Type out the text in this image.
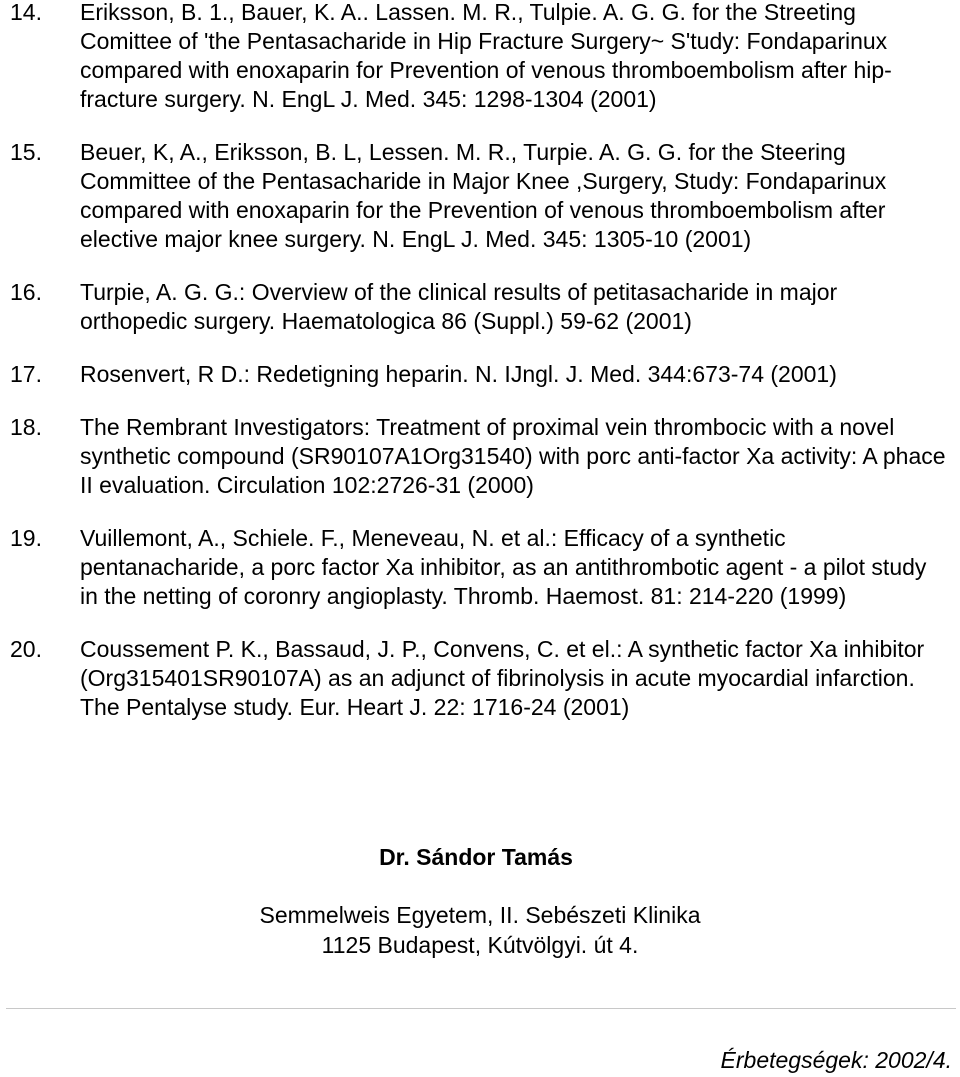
14.	Eriksson, B. 1., Bauer, K. A.. Lassen. M. R., Tulpie. A. G. G. for the Streeting Comittee of 'the Pentasacharide in Hip Fracture Surgery~ S'tudy: Fondaparinux compared with enoxaparin for Prevention of venous thromboembolism after hip-fracture surgery. N. EngL J. Med. 345: 1298-1304 (2001)
15.	Beuer, K, A., Eriksson, B. L, Lessen. M. R., Turpie. A. G. G. for the Steering Committee of the Pentasacharide in Major Knee ,Surgery, Study: Fondaparinux compared with enoxaparin for the Prevention of venous thromboembolism after elective major knee surgery. N. EngL J. Med. 345: 1305-10 (2001)
16.	Turpie, A. G. G.: Overview of the clinical results of petitasacharide in major orthopedic surgery. Haematologica 86 (Suppl.) 59-62 (2001)
17.	Rosenvert, R D.: Redetigning heparin. N. IJngl. J. Med. 344:673-74 (2001)
18.	The Rembrant Investigators: Treatment of proximal vein thrombocic with a novel synthetic compound (SR90107A1Org31540) with porc anti-factor Xa activity: A phace II evaluation. Circulation 102:2726-31 (2000)
19.	Vuillemont, A., Schiele. F., Meneveau, N. et al.: Efficacy of a synthetic pentanacharide, a porc factor Xa inhibitor, as an antithrombotic agent - a pilot study in the netting of coronry angioplasty. Thromb. Haemost. 81: 214-220 (1999)
20.	Coussement P. K., Bassaud, J. P., Convens, C. et el.: A synthetic factor Xa inhibitor (Org315401SR90107A) as an adjunct of fibrinolysis in acute myocardial infarction. The Pentalyse study. Eur. Heart J. 22: 1716-24 (2001)
Dr. Sándor Tamás
Semmelweis Egyetem, II. Sebészeti Klinika
1125 Budapest, Kútvölgyi. út 4.
Érbetegségek: 2002/4.
